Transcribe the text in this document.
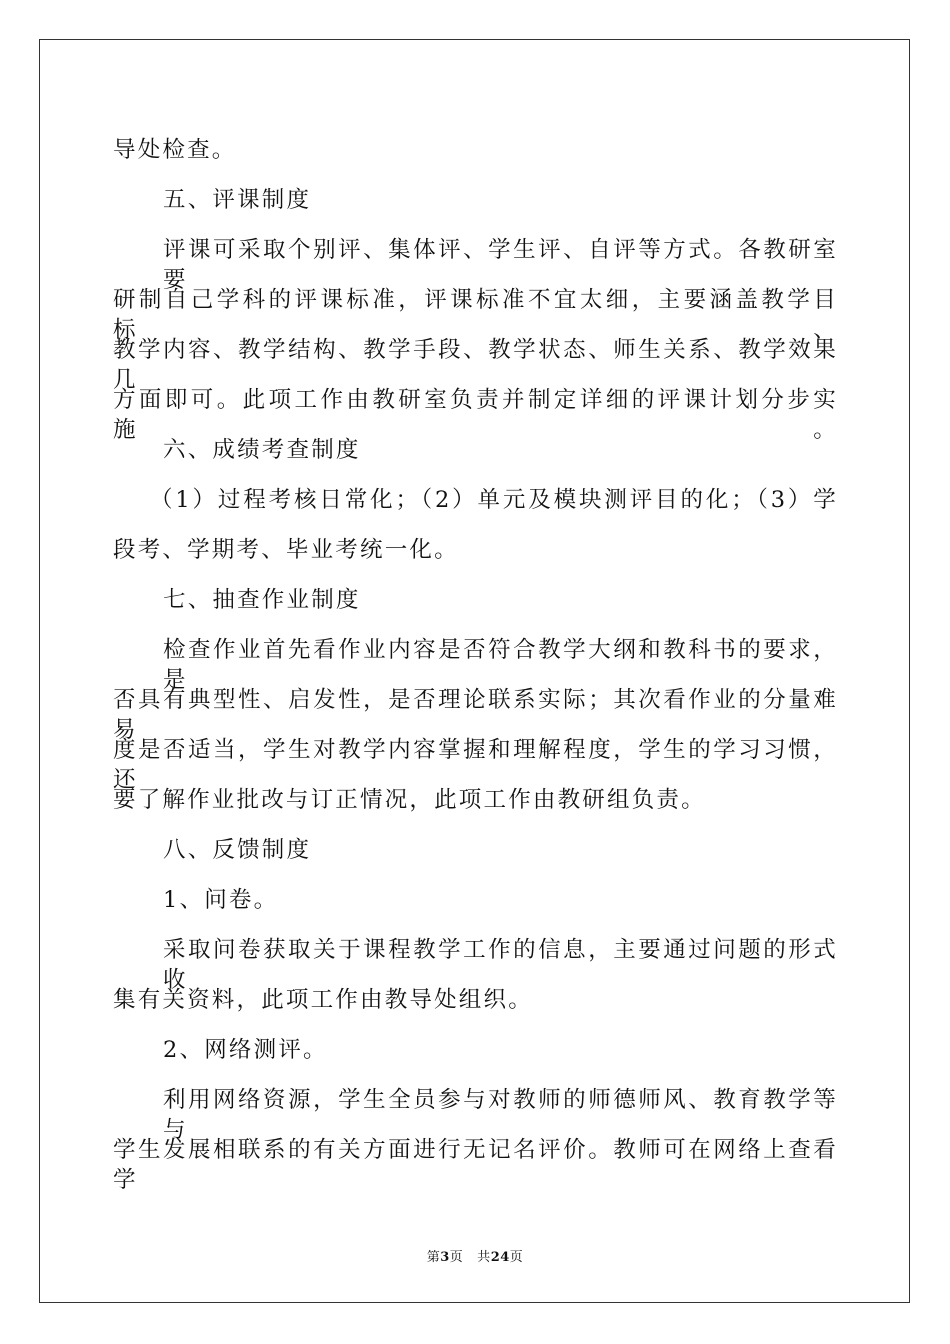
导处检查。
五、评课制度
评课可采取个别评、集体评、学生评、自评等方式。各教研室要
研制自己学科的评课标准，评课标准不宜太细，主要涵盖教学目标、
教学内容、教学结构、教学手段、教学状态、师生关系、教学效果几
方面即可。此项工作由教研室负责并制定详细的评课计划分步实施。
六、成绩考查制度
（1）过程考核日常化；（2）单元及模块测评目的化；（3）学
段考、学期考、毕业考统一化。
七、抽查作业制度
检查作业首先看作业内容是否符合教学大纲和教科书的要求，是
否具有典型性、启发性，是否理论联系实际；其次看作业的分量难易
度是否适当，学生对教学内容掌握和理解程度，学生的学习习惯，还
要了解作业批改与订正情况，此项工作由教研组负责。
八、反馈制度
1、问卷。
采取问卷获取关于课程教学工作的信息，主要通过问题的形式收
集有关资料，此项工作由教导处组织。
2、网络测评。
利用网络资源，学生全员参与对教师的师德师风、教育教学等与
学生发展相联系的有关方面进行无记名评价。教师可在网络上查看学
第3页 共24页
